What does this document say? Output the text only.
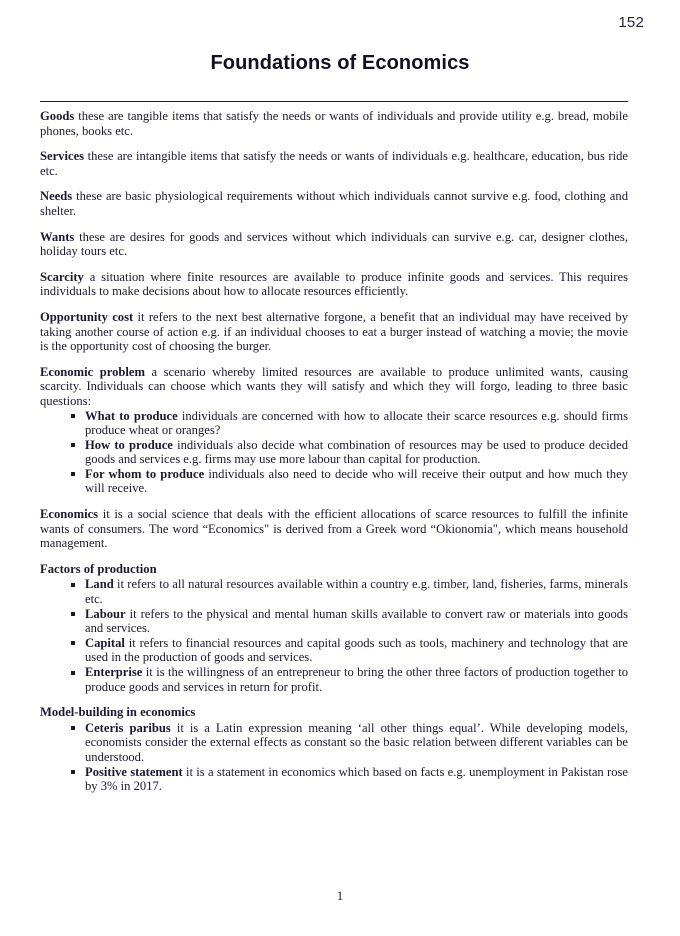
152
Foundations of Economics

Goods these are tangible items that satisfy the needs or wants of individuals and provide utility e.g. bread, mobile phones, books etc.

Services these are intangible items that satisfy the needs or wants of individuals e.g. healthcare, education, bus ride etc.

Needs these are basic physiological requirements without which individuals cannot survive e.g. food, clothing and shelter.

Wants these are desires for goods and services without which individuals can survive e.g. car, designer clothes, holiday tours etc.

Scarcity a situation where finite resources are available to produce infinite goods and services. This requires individuals to make decisions about how to allocate resources efficiently.

Opportunity cost it refers to the next best alternative forgone, a benefit that an individual may have received by taking another course of action e.g. if an individual chooses to eat a burger instead of watching a movie; the movie is the opportunity cost of choosing the burger.

Economic problem a scenario whereby limited resources are available to produce unlimited wants, causing scarcity. Individuals can choose which wants they will satisfy and which they will forgo, leading to three basic questions:

What to produce individuals are concerned with how to allocate their scarce resources e.g. should firms produce wheat or oranges?
How to produce individuals also decide what combination of resources may be used to produce decided goods and services e.g. firms may use more labour than capital for production.
For whom to produce individuals also need to decide who will receive their output and how much they will receive.

Economics it is a social science that deals with the efficient allocations of scarce resources to fulfill the infinite wants of consumers. The word “Economics" is derived from a Greek word “Okionomia", which means household management.

Factors of production
Land it refers to all natural resources available within a country e.g. timber, land, fisheries, farms, minerals etc.
Labour it refers to the physical and mental human skills available to convert raw or materials into goods and services.
Capital it refers to financial resources and capital goods such as tools, machinery and technology that are used in the production of goods and services.
Enterprise it is the willingness of an entrepreneur to bring the other three factors of production together to produce goods and services in return for profit.
Model-building in economics
Ceteris paribus it is a Latin expression meaning ‘all other things equal’. While developing models, economists consider the external effects as constant so the basic relation between different variables can be understood.
Positive statement it is a statement in economics which based on facts e.g. unemployment in Pakistan rose by 3% in 2017.
1
